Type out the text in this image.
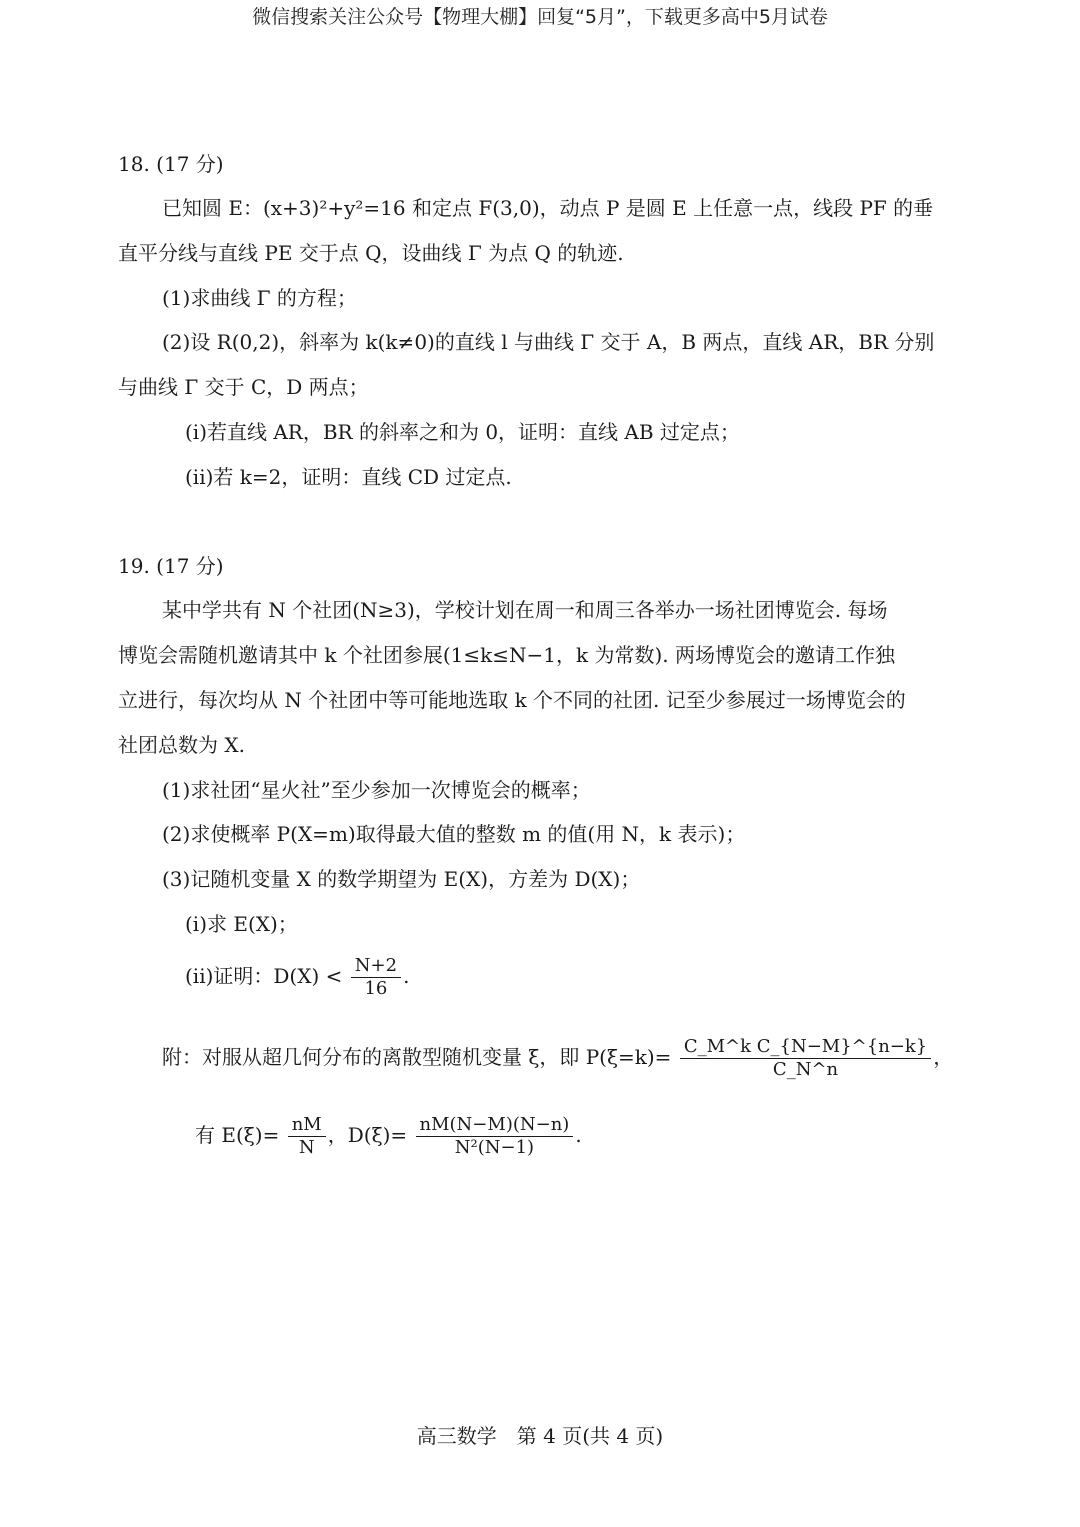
微信搜索关注公众号【物理大棚】回复“5月”，下载更多高中5月试卷
18. (17 分)
已知圆 E：(x+3)²+y²=16 和定点 F(3,0)，动点 P 是圆 E 上任意一点，线段 PF 的垂
直平分线与直线 PE 交于点 Q，设曲线 Γ 为点 Q 的轨迹.
(1)求曲线 Γ 的方程；
(2)设 R(0,2)，斜率为 k(k≠0)的直线 l 与曲线 Γ 交于 A，B 两点，直线 AR，BR 分别
与曲线 Γ 交于 C，D 两点；
(i)若直线 AR，BR 的斜率之和为 0，证明：直线 AB 过定点；
(ii)若 k=2，证明：直线 CD 过定点.
19. (17 分)
某中学共有 N 个社团(N≥3)，学校计划在周一和周三各举办一场社团博览会. 每场
博览会需随机邀请其中 k 个社团参展(1≤k≤N−1，k 为常数). 两场博览会的邀请工作独
立进行，每次均从 N 个社团中等可能地选取 k 个不同的社团. 记至少参展过一场博览会的
社团总数为 X.
(1)求社团“星火社”至少参加一次博览会的概率；
(2)求使概率 P(X=m)取得最大值的整数 m 的值(用 N，k 表示)；
(3)记随机变量 X 的数学期望为 E(X)，方差为 D(X)；
(i)求 E(X)；
(ii)证明：$D(X) < \frac{N+2}{16}$ .
附：对服从超几何分布的离散型随机变量 ξ，即 $P(\xi=k)= \frac{\text{C\_M\textasciicircum{}k C\_\{N−M\}\textasciicircum{}\{n−k\}}}{C\_N\^{}n}$ ，
有 $E(\xi)= \frac{nM}{N}$ ，$D(\xi)= \frac{nM(N-M)(N-n)}{\text{N²(N−1)}}$ .
高三数学　第 4 页(共 4 页)
